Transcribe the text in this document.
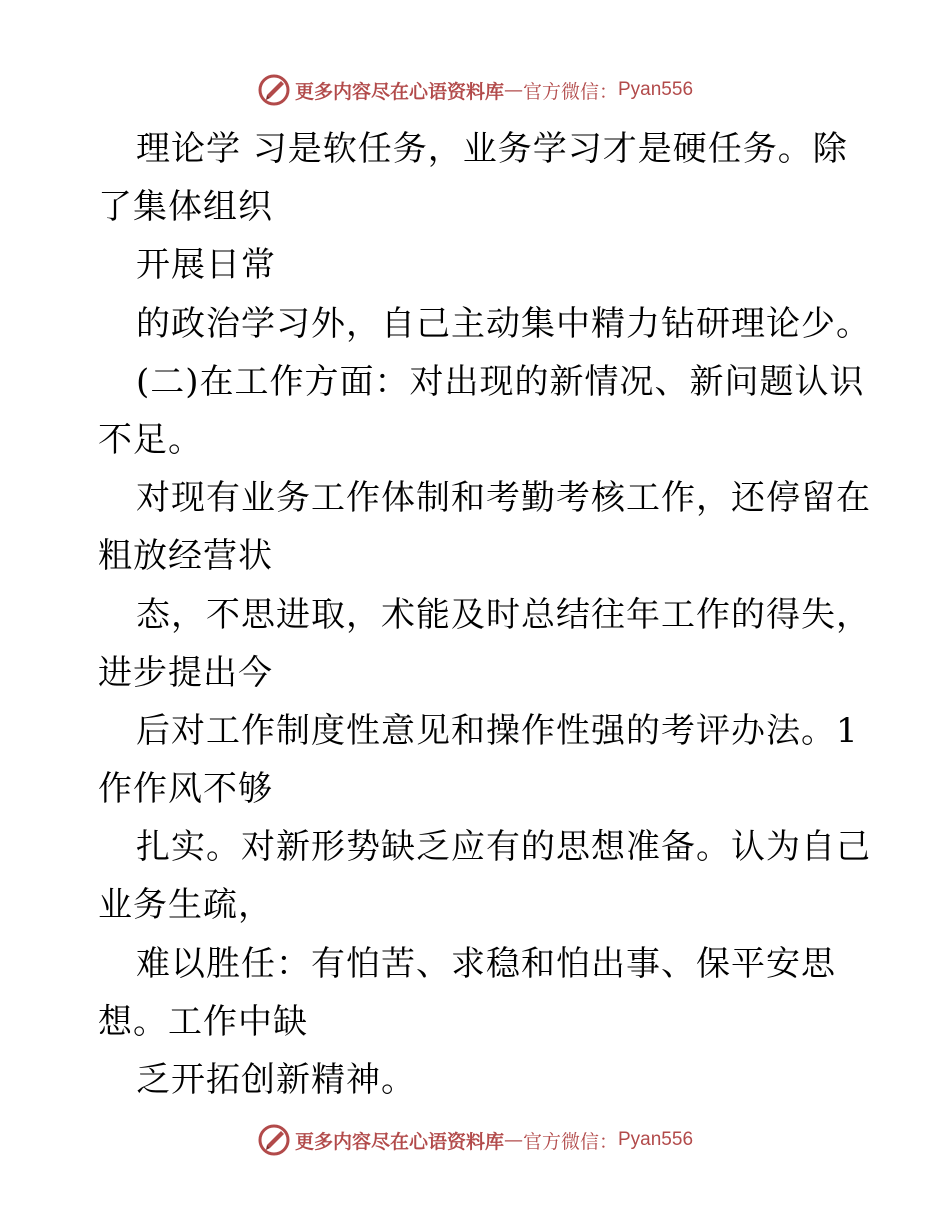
更多内容尽在心语资料库 — 官方微信： Pyan556
理论学 习是软任务，业务学习才是硬任务。除
了集体组织
开展日常
的政治学习外，自己主动集中精力钻研理论少。
(二)在工作方面：对出现的新情况、新问题认识
不足。
对现有业务工作体制和考勤考核工作，还停留在
粗放经营状
态，不思进取，术能及时总结往年工作的得失，
进步提出今
后对工作制度性意见和操作性强的考评办法。1
作作风不够
扎实。对新形势缺乏应有的思想准备。认为自己
业务生疏，
难以胜任：有怕苦、求稳和怕出事、保平安思
想。工作中缺
乏开拓创新精神。
更多内容尽在心语资料库 — 官方微信： Pyan556
